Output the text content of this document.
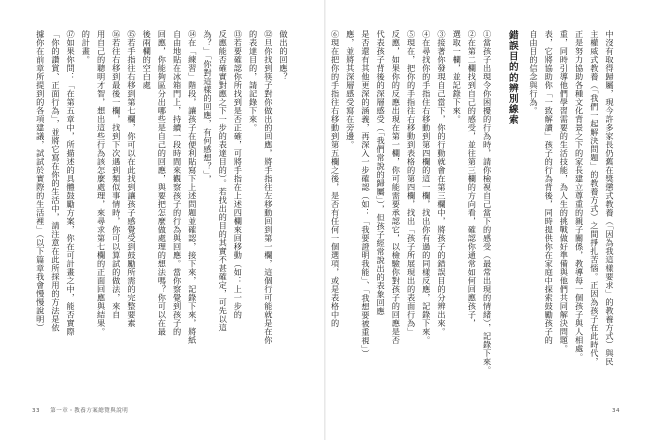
做出的回應？

⑫旦你找到筷子對你做出的回應，將手指往左移動回到第一欄，這個行可能就是在你

的表達目的，請記錄下來。

⑬若要確認你所找到是否正確，可將手指在上述四欄來回移動（如：上一步的

反應能否確實對應之下一步的表達目的）。若找出的目的其實不甚確定，可先以這

為？」「你對這樣的回應，有何感想？」，

⑭在「練習」階段，讓孩子在便利貼寫下上述問題並確認，接下來，記錄下來，將紙

自由地貼在冰箱門上，持續一段時間來觀察孩子的行為與回應。當你察覺到孩子的

回應，你能夠區分出哪些是自己的回應，與要把怎麼做處理的想法嗎？你可以在最

後兩欄的空白處

⑮若手指往右移到第七欄，你可以在此找到讓孩子感覺受到鼓勵所需的完整要素

⑯若往右移到最後一欄，找到下次遇到類似事情時，你可以算試的做法，來自

用自己的聰明才智，想出這些行為該怎麼處理，來尋求第七欄的正面回應與結果。

的計畫。

⑰如果你問：「在第五章中，所描述的具體鼓勵方案，你在可計畫之中，能否實際

「你的讚賞、正面行為」，並將它寫在你的生活中，請注意在此所採用的方法是依

據你在前章所提到的各項建議，試試於實際的生活裡」（以下篇章我會慢慢說明）

33 第一章・教養方案總覽與說明

中沒有取得歸屬，現今許多家長仍舊在獎懲式教養（「因為我這樣要求」的教養方式）與民

主權威式教養（「我們一起解決問題」的教養方式）之間掙扎苦惱。正因為孩子在此時代，

正是努力協助各種文化背景之下的家長建立尊重的親子關係，教導每一個孩子與人相處。

重，同時引導他們學習需要的生活技能，為人生的挑戰做好準備與他們共同解決問題。

表，它將協助你「一致解讀」孩子的行為背後，同時提供你在家庭中探索鼓勵孩子的

自由目的信念與行為。

錯誤目的的辨別線索

①當孩子出現令你困擾的行為時，請你檢視自己當下的感受（最常出現的情緒），記錄下來。

②在第二欄找到自己的感受，並往第三欄的方向看，確認你通常如何回應孩子，

選取一欄，並記錄下來。

③接著你發現自己當下，你的行動就會在第三欄中，將孩子的錯誤目的分辨出來。

④在尋找你的手指住右移動到第四欄的這一欄，找出你有過的同樣反應，記錄下來。

⑤現在，把你的手指往右移動到表格的第四欄，找出「孩子所展現出的表面行為」

反應，如果你的反應出現在第一欄，你可能需要承認它，以檢驗你對孩子的回應是否

代表孩子背後的深層感受（「我們常說的歸屬」），但孩子經常說出的表象回應

是否還有其他更深的涵義，再深入一步確認（如：「我要證明我能」、「我想要被重視」）

應，並將其深層感受寫在旁邊。

⑥現在把你的手指往右移動到第五欄之後，是否有任何一個選項，或是表格中的

34
